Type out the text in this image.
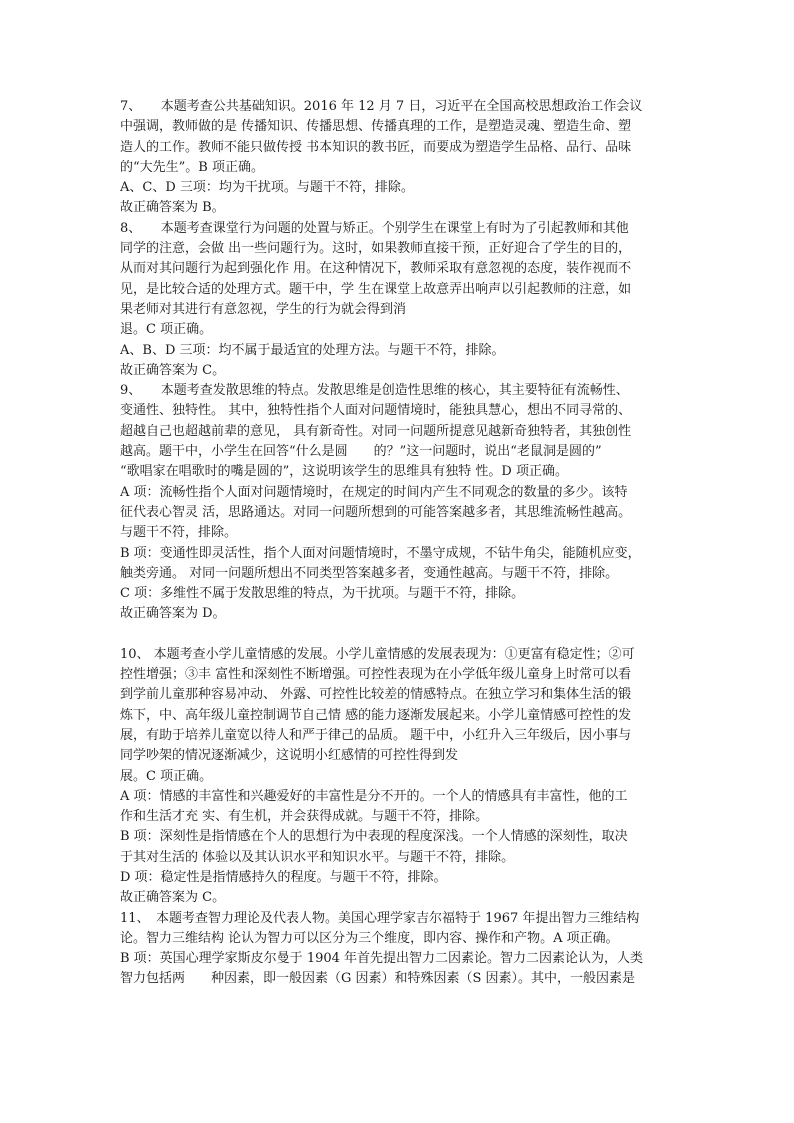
7、　　本题考查公共基础知识。2016 年 12 月 7 日，习近平在全国高校思想政治工作会议
中强调，教师做的是 传播知识、传播思想、传播真理的工作，是塑造灵魂、塑造生命、塑
造人的工作。教师不能只做传授 书本知识的教书匠，而要成为塑造学生品格、品行、品味
的“大先生”。B 项正确。
A、C、D 三项：均为干扰项。与题干不符，排除。
故正确答案为 B。
8、　　本题考查课堂行为问题的处置与矫正。个别学生在课堂上有时为了引起教师和其他
同学的注意，会做 出一些问题行为。这时，如果教师直接干预，正好迎合了学生的目的，
从而对其问题行为起到强化作 用。在这种情况下，教师采取有意忽视的态度，装作视而不
见，是比较合适的处理方式。题干中，学 生在课堂上故意弄出响声以引起教师的注意，如
果老师对其进行有意忽视，学生的行为就会得到消
退。C 项正确。
A、B、D 三项：均不属于最适宜的处理方法。与题干不符，排除。
故正确答案为 C。
9、　　本题考查发散思维的特点。发散思维是创造性思维的核心，其主要特征有流畅性、
变通性、独特性。 其中，独特性指个人面对问题情境时，能独具慧心，想出不同寻常的、
超越自己也超越前辈的意见， 具有新奇性。对同一问题所提意见越新奇独特者，其独创性
越高。题干中，小学生在回答“什么是圆　　的？”这一问题时，说出“老鼠洞是圆的”
“歌唱家在唱歌时的嘴是圆的”，这说明该学生的思维具有独特 性。D 项正确。
A 项：流畅性指个人面对问题情境时，在规定的时间内产生不同观念的数量的多少。该特
征代表心智灵 活，思路通达。对同一问题所想到的可能答案越多者，其思维流畅性越高。
与题干不符，排除。
B 项：变通性即灵活性，指个人面对问题情境时，不墨守成规，不钻牛角尖，能随机应变，
触类旁通。 对同一问题所想出不同类型答案越多者，变通性越高。与题干不符，排除。
C 项：多维性不属于发散思维的特点，为干扰项。与题干不符，排除。
故正确答案为 D。
10、 本题考查小学儿童情感的发展。小学儿童情感的发展表现为：①更富有稳定性；②可
控性增强；③丰 富性和深刻性不断增强。可控性表现为在小学低年级儿童身上时常可以看
到学前儿童那种容易冲动、 外露、可控性比较差的情感特点。在独立学习和集体生活的锻
炼下，中、高年级儿童控制调节自己情 感的能力逐渐发展起来。小学儿童情感可控性的发
展，有助于培养儿童宽以待人和严于律己的品质。 题干中，小红升入三年级后，因小事与
同学吵架的情况逐渐减少，这说明小红感情的可控性得到发
展。C 项正确。
A 项：情感的丰富性和兴趣爱好的丰富性是分不开的。一个人的情感具有丰富性，他的工
作和生活才充 实、有生机，并会获得成就。与题干不符，排除。
B 项：深刻性是指情感在个人的思想行为中表现的程度深浅。一个人情感的深刻性，取决
于其对生活的 体验以及其认识水平和知识水平。与题干不符，排除。
D 项：稳定性是指情感持久的程度。与题干不符，排除。
故正确答案为 C。
11、　本题考查智力理论及代表人物。美国心理学家吉尔福特于 1967 年提出智力三维结构
论。智力三维结构 论认为智力可以区分为三个维度，即内容、操作和产物。A 项正确。
B 项：英国心理学家斯皮尔曼于 1904 年首先提出智力二因素论。智力二因素论认为，人类
智力包括两　　种因素，即一般因素（G 因素）和特殊因素（S 因素）。其中，一般因素是
